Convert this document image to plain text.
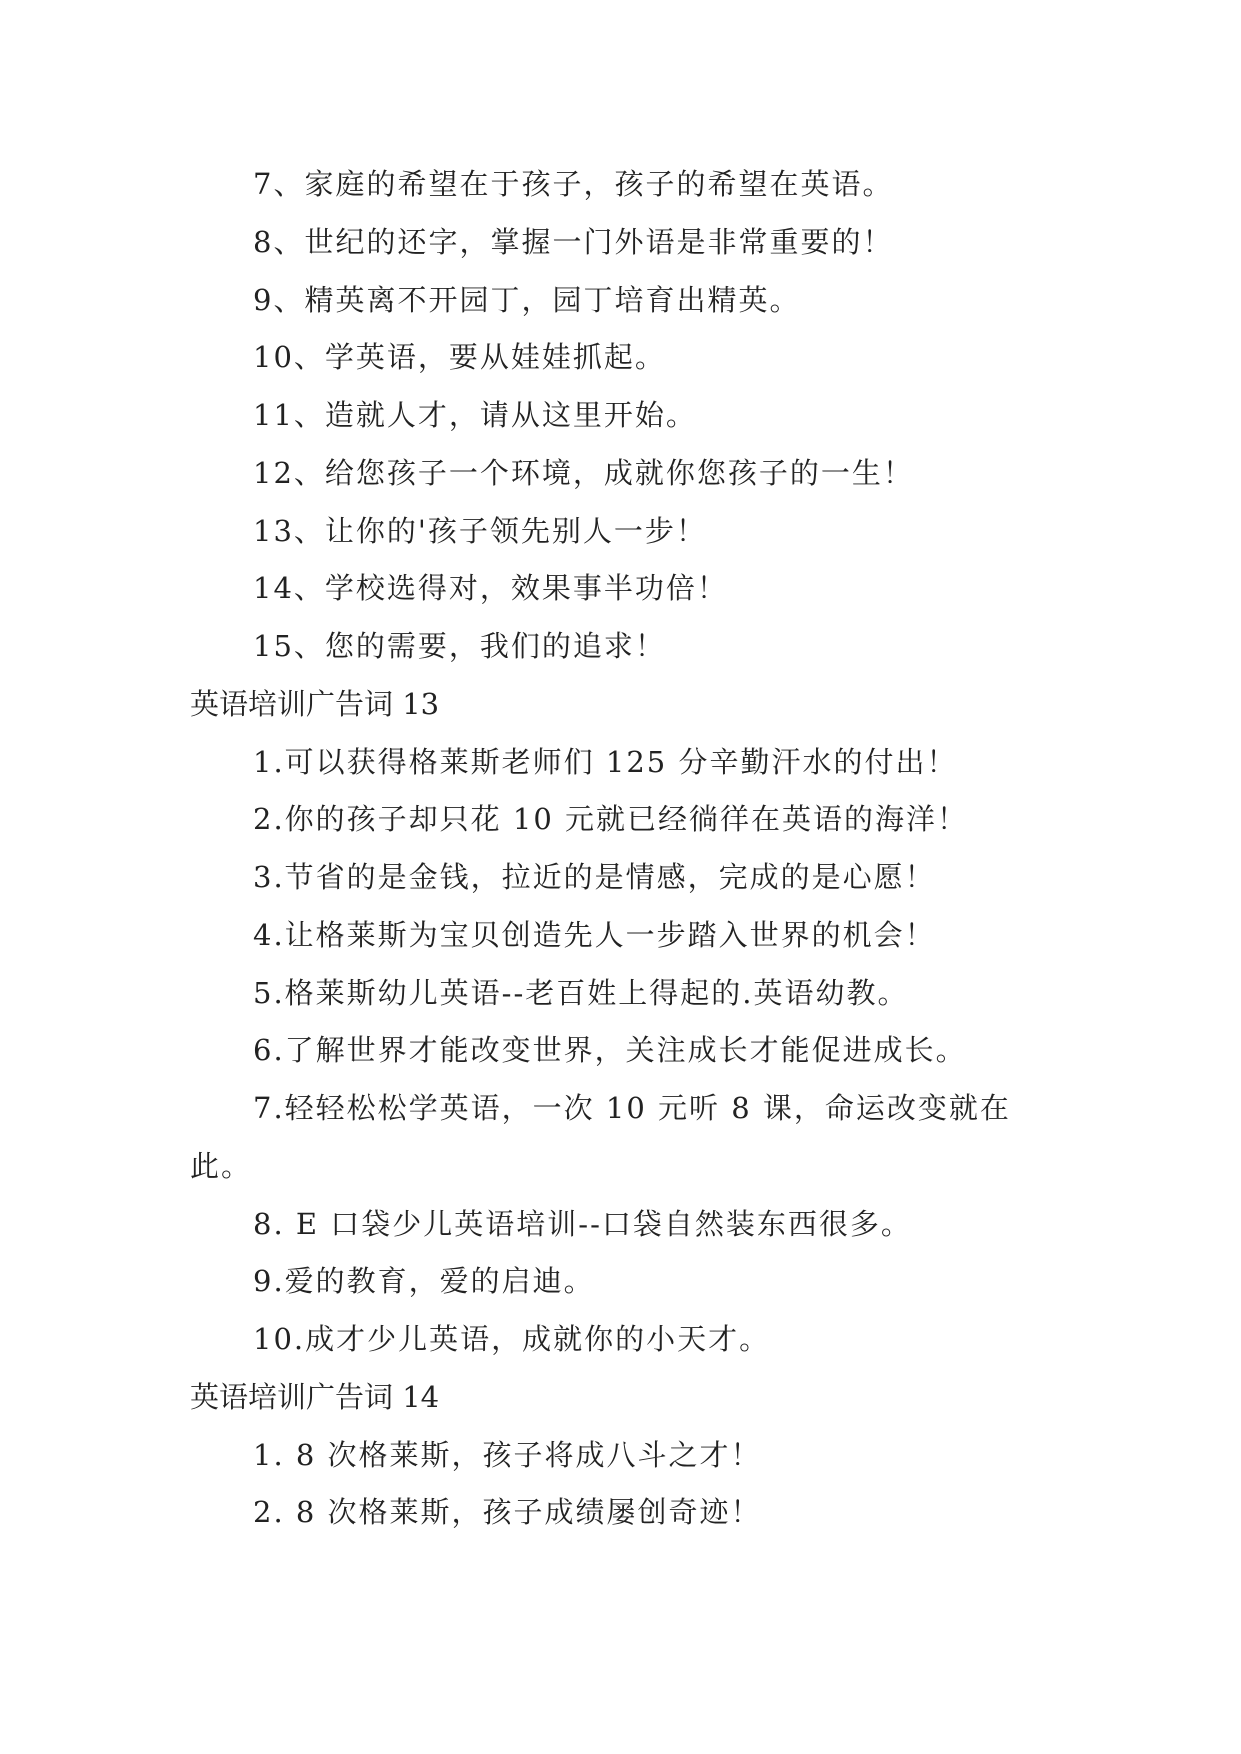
7、家庭的希望在于孩子，孩子的希望在英语。
8、世纪的还字，掌握一门外语是非常重要的！
9、精英离不开园丁，园丁培育出精英。
10、学英语，要从娃娃抓起。
11、造就人才，请从这里开始。
12、给您孩子一个环境，成就你您孩子的一生！
13、让你的'孩子领先别人一步！
14、学校选得对，效果事半功倍！
15、您的需要，我们的追求！
英语培训广告词 13
1.可以获得格莱斯老师们 125 分辛勤汗水的付出！
2.你的孩子却只花 10 元就已经徜徉在英语的海洋！
3.节省的是金钱，拉近的是情感，完成的是心愿！
4.让格莱斯为宝贝创造先人一步踏入世界的机会！
5.格莱斯幼儿英语--老百姓上得起的.英语幼教。
6.了解世界才能改变世界，关注成长才能促进成长。
7.轻轻松松学英语，一次 10 元听 8 课，命运改变就在
此。
8. E 口袋少儿英语培训--口袋自然装东西很多。
9.爱的教育，爱的启迪。
10.成才少儿英语，成就你的小天才。
英语培训广告词 14
1. 8 次格莱斯，孩子将成八斗之才！
2. 8 次格莱斯，孩子成绩屡创奇迹！
